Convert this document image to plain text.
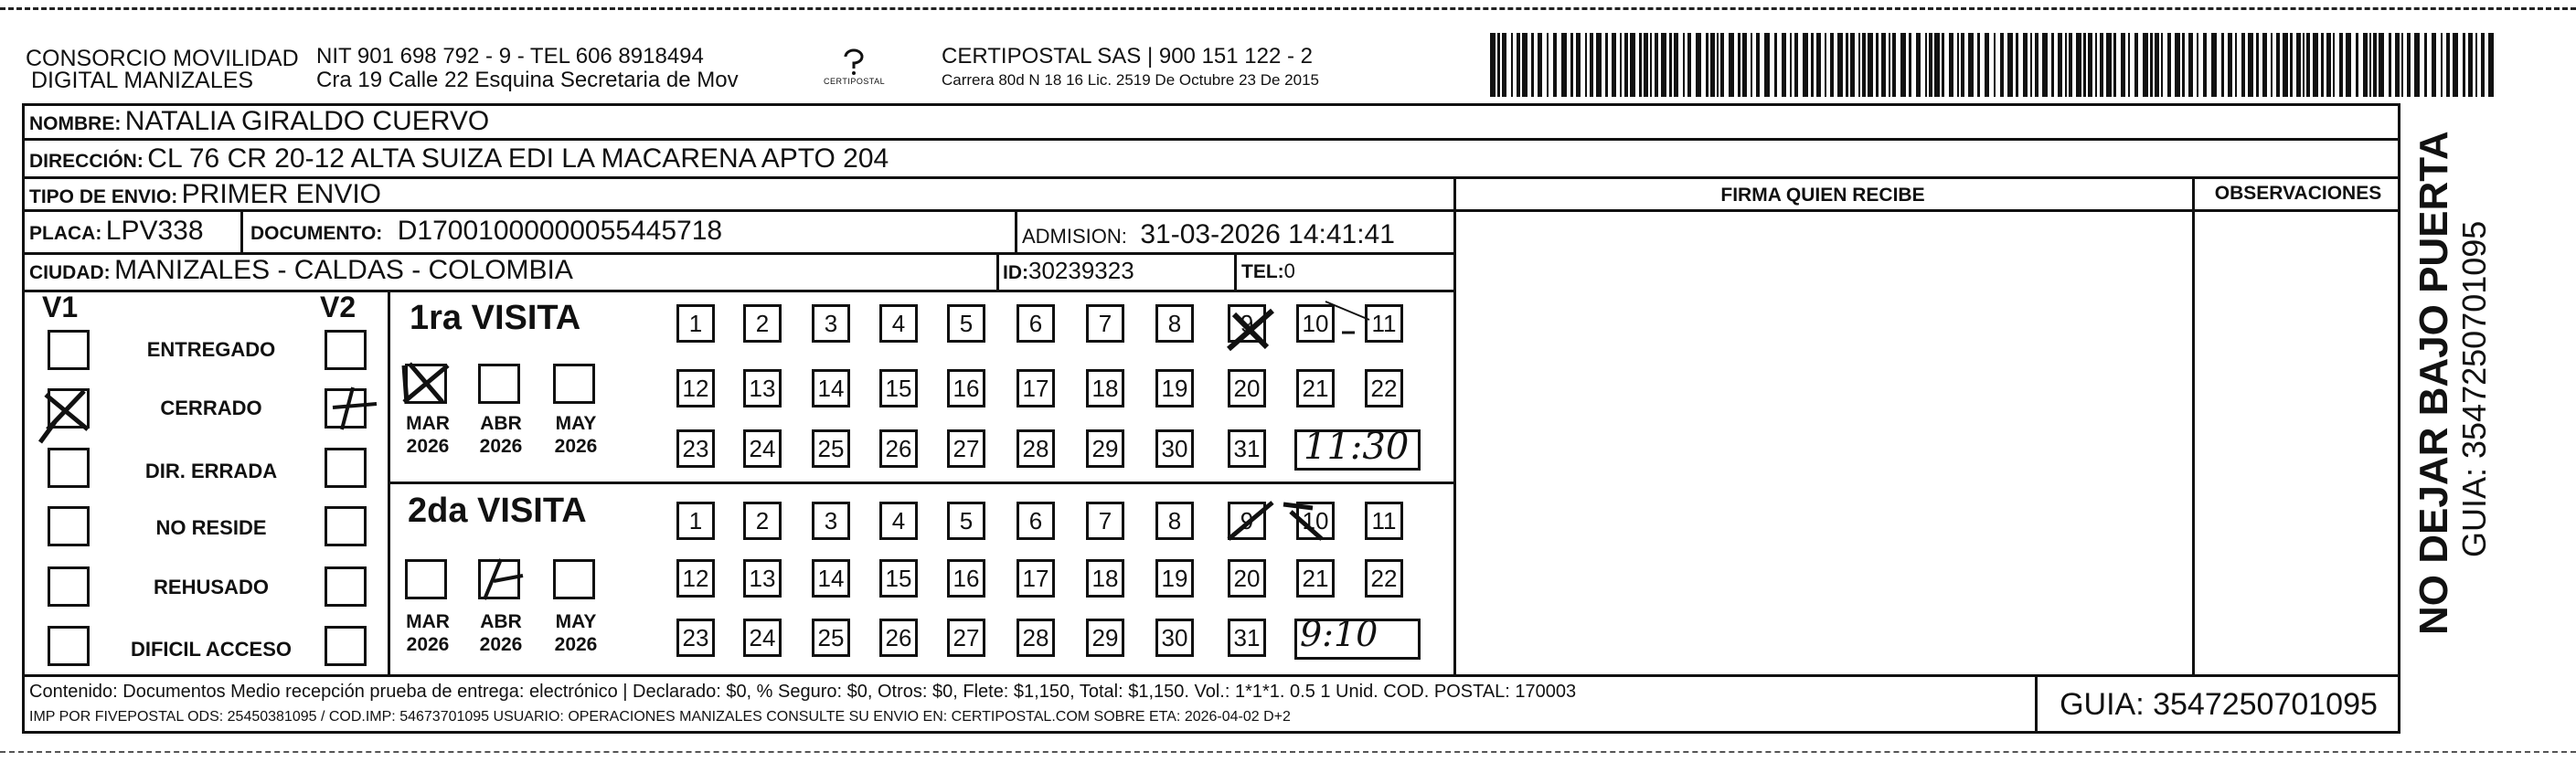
CONSORCIO MOVILIDAD
DIGITAL MANIZALES
NIT 901 698 792 - 9 - TEL 606 8918494
Cra 19 Calle 22 Esquina Secretaria de Mov	CERTIPOSTAL
CERTIPOSTAL SAS | 900 151 122 - 2
Carrera 80d N 18 16 Lic. 2519 De Octubre 23 De 2015
NOMBRE: NATALIA GIRALDO CUERVO
DIRECCIÓN: CL 76 CR 20-12 ALTA SUIZA EDI LA MACARENA APTO 204
TIPO DE ENVIO: PRIMER ENVIO
PLACA: LPV338 DOCUMENTO: D17001000000055445718	ADMISION: 31-03-2026 14:41:41
CIUDAD: MANIZALES - CALDAS - COLOMBIA	ID:30239323	TEL:0
FIRMA QUIEN RECIBE	OBSERVACIONES
V1	V2
ENTREGADO
CERRADO
DIR. ERRADA
NO RESIDE
REHUSADO
DIFICIL ACCESO
1ra VISITA
MAR
2026
ABR
2026
MAY
2026
2da VISITA
MAR
2026
ABR
2026
MAY
2026
1	2	3	4	5	6	7	8	9	10 11
12 13 14 15 16 17 18 19 20 21 22
23 24 25 26 27 28 29 30 31
1	2	3	4	5	6	7	8	9	10 11
12 13 14 15 16 17 18 19 20 21 22
23 24 25 26 27 28 29 30 31
11:30
9:10
Contenido: Documentos Medio recepción prueba de entrega: electrónico | Declarado: $0, % Seguro: $0, Otros: $0, Flete: $1,150, Total: $1,150. Vol.: 1*1*1. 0.5 1 Unid. COD. POSTAL: 170003
IMP POR FIVEPOSTAL ODS: 25450381095 / COD.IMP: 54673701095 USUARIO: OPERACIONES MANIZALES CONSULTE SU ENVIO EN: CERTIPOSTAL.COM SOBRE ETA: 2026-04-02 D+2	GUIA: 3547250701095
NO DEJAR BAJO PUERTA GUIA: 3547250701095
